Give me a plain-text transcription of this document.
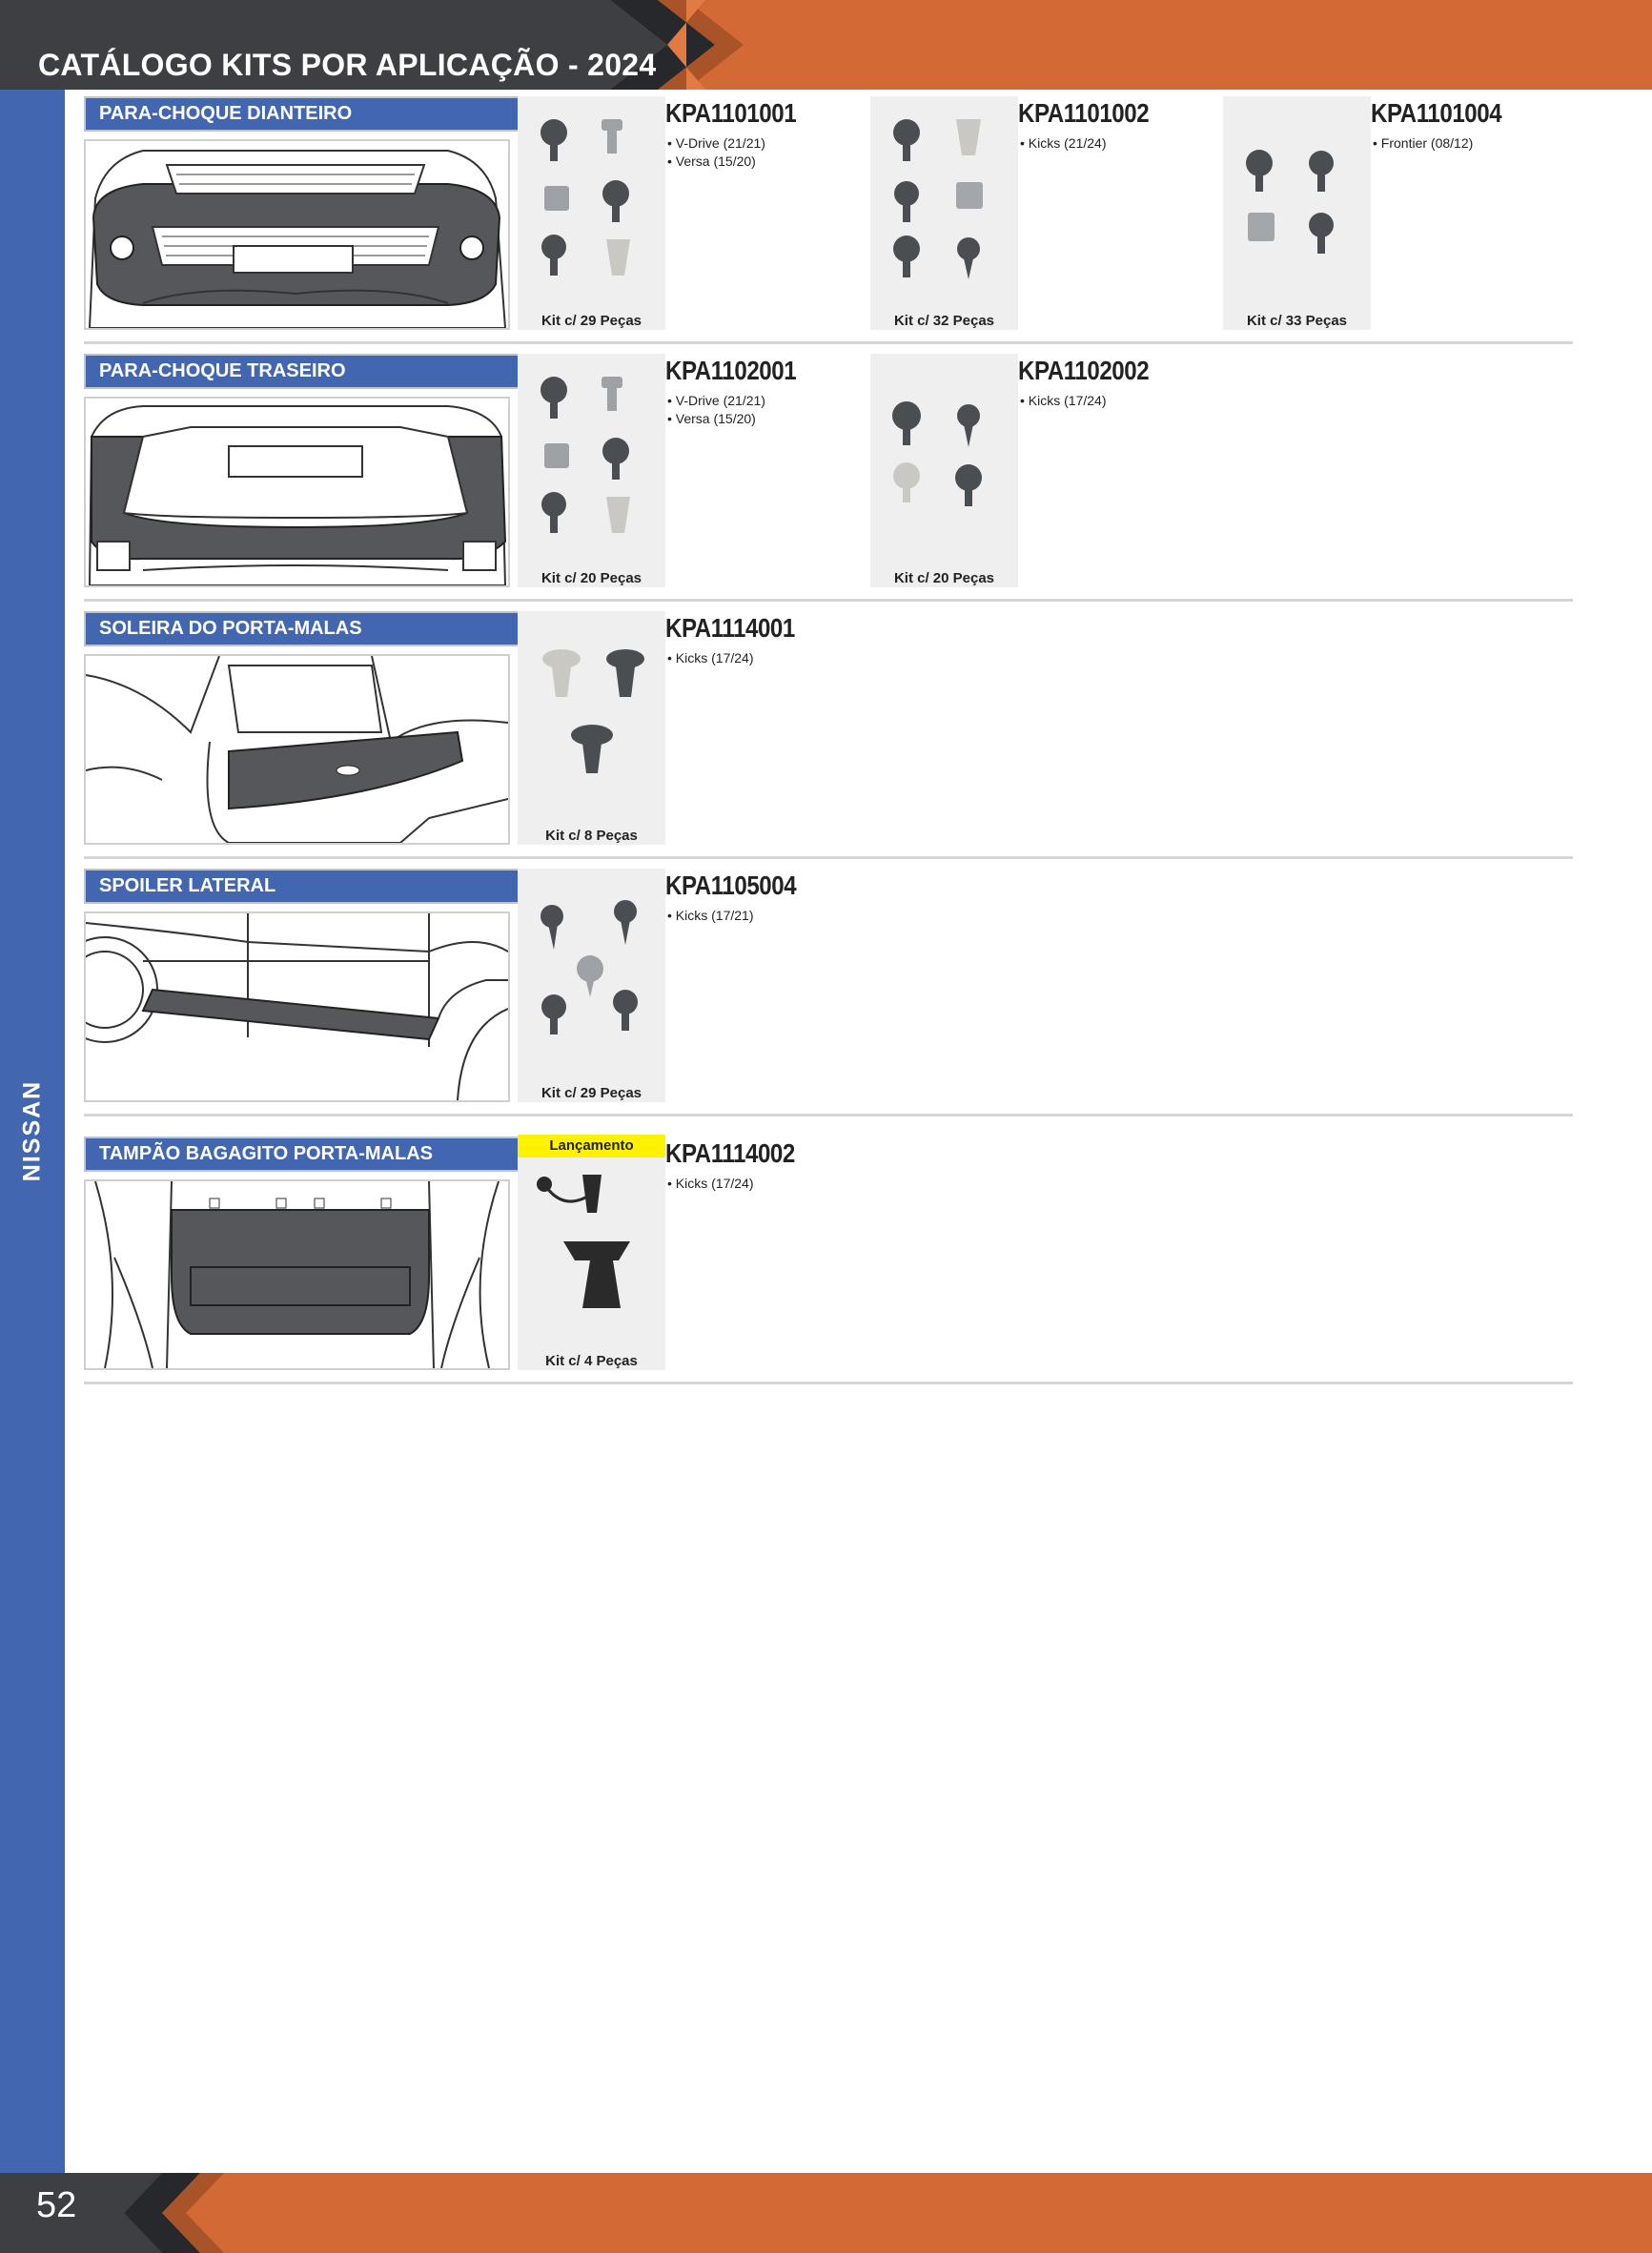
CATÁLOGO KITS POR APLICAÇÃO - 2024
NISSAN
52
PARA-CHOQUE DIANTEIRO
Kit c/ 29 Peças
KPA1101001
• V-Drive (21/21)
• Versa (15/20)
Kit c/ 32 Peças
KPA1101002
• Kicks (21/24)
Kit c/ 33 Peças
KPA1101004
• Frontier (08/12)
PARA-CHOQUE TRASEIRO
Kit c/ 20 Peças
KPA1102001
• V-Drive (21/21)
• Versa (15/20)
Kit c/ 20 Peças
KPA1102002
• Kicks (17/24)
SOLEIRA DO PORTA-MALAS
Kit c/ 8 Peças
KPA1114001
• Kicks (17/24)
SPOILER LATERAL
Kit c/ 29 Peças
KPA1105004
• Kicks (17/21)
TAMPÃO BAGAGITO PORTA-MALAS	Lançamento
Kit c/ 4 Peças
KPA1114002
• Kicks (17/24)
